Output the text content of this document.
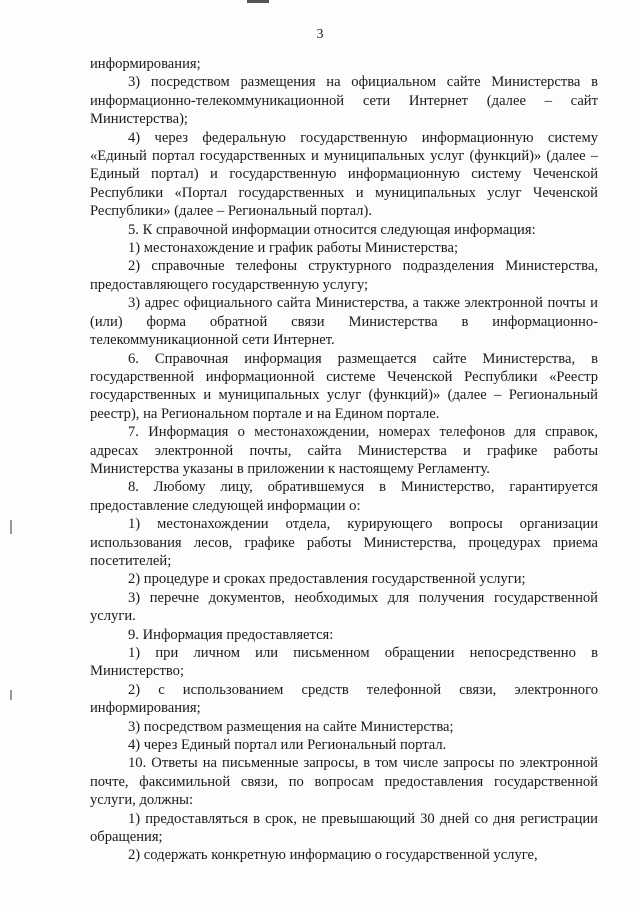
3

информирования;

3) посредством размещения на официальном сайте Министерства в информационно-телекоммуникационной сети Интернет (далее – сайт Министерства);

4) через федеральную государственную информационную систему «Единый портал государственных и муниципальных услуг (функций)» (далее – Единый портал) и государственную информационную систему Чеченской Республики «Портал государственных и муниципальных услуг Чеченской Республики» (далее – Региональный портал).

5. К справочной информации относится следующая информация:

1) местонахождение и график работы Министерства;

2) справочные телефоны структурного подразделения Министерства, предоставляющего государственную услугу;

3) адрес официального сайта Министерства, а также электронной почты и (или) форма обратной связи Министерства в информационно-телекоммуникационной сети Интернет.

6. Справочная информация размещается сайте Министерства, в государственной информационной системе Чеченской Республики «Реестр государственных и муниципальных услуг (функций)» (далее – Региональный реестр), на Региональном портале и на Едином портале.

7. Информация о местонахождении, номерах телефонов для справок, адресах электронной почты, сайта Министерства и графике работы Министерства указаны в приложении к настоящему Регламенту.

8. Любому лицу, обратившемуся в Министерство, гарантируется предоставление следующей информации о:

1) местонахождении отдела, курирующего вопросы организации использования лесов, графике работы Министерства, процедурах приема посетителей;

2) процедуре и сроках предоставления государственной услуги;

3) перечне документов, необходимых для получения государственной услуги.

9. Информация предоставляется:

1) при личном или письменном обращении непосредственно в Министерство;

2) с использованием средств телефонной связи, электронного информирования;

3) посредством размещения на сайте Министерства;

4) через Единый портал или Региональный портал.

10. Ответы на письменные запросы, в том числе запросы по электронной почте, факсимильной связи, по вопросам предоставления государственной услуги, должны:

1) предоставляться в срок, не превышающий 30 дней со дня регистрации обращения;

2) содержать конкретную информацию о государственной услуге,
